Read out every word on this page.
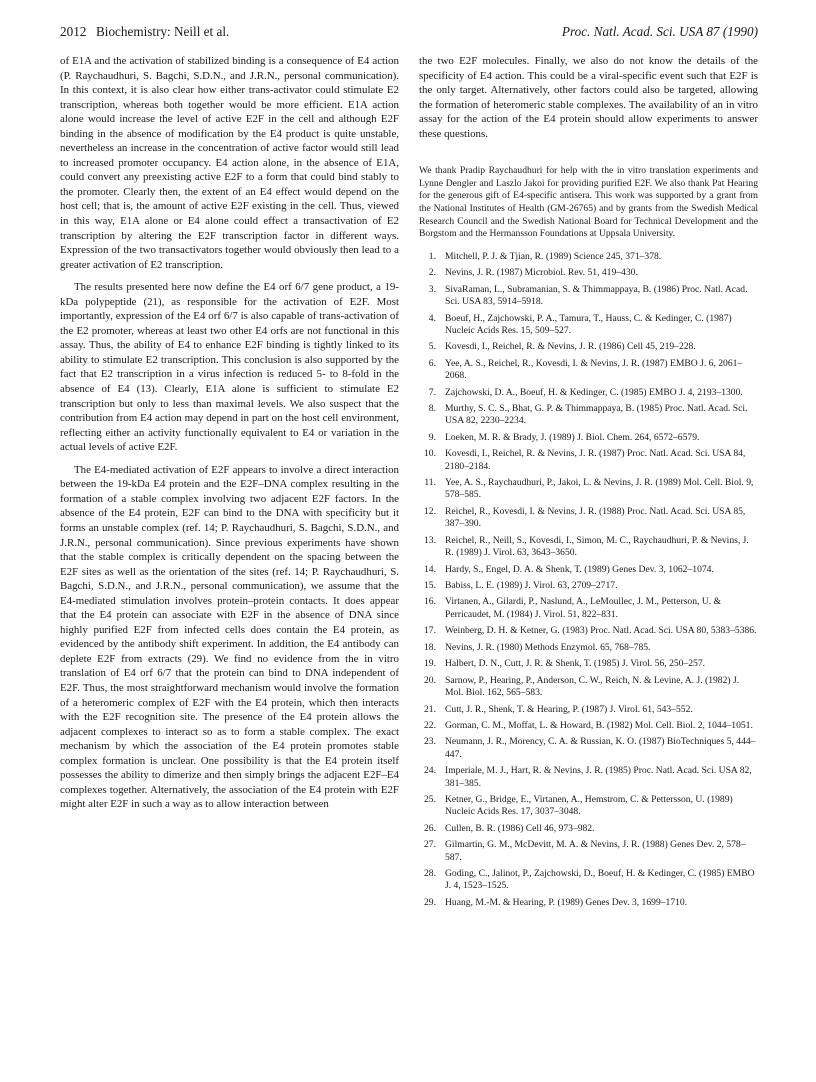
2012 Biochemistry: Neill et al.	Proc. Natl. Acad. Sci. USA 87 (1990)

of E1A and the activation of stabilized binding is a consequence of E4 action (P. Raychaudhuri, S. Bagchi, S.D.N., and J.R.N., personal communication). In this context, it is also clear how either trans-activator could stimulate E2 transcription, whereas both together would be more efficient. E1A action alone would increase the level of active E2F in the cell and although E2F binding in the absence of modification by the E4 product is quite unstable, nevertheless an increase in the concentration of active factor would still lead to increased promoter occupancy. E4 action alone, in the absence of E1A, could convert any preexisting active E2F to a form that could bind stably to the promoter. Clearly then, the extent of an E4 effect would depend on the host cell; that is, the amount of active E2F existing in the cell. Thus, viewed in this way, E1A alone or E4 alone could effect a transactivation of E2 transcription by altering the E2F transcription factor in different ways. Expression of the two transactivators together would obviously then lead to a greater activation of E2 transcription.

The results presented here now define the E4 orf 6/7 gene product, a 19-kDa polypeptide (21), as responsible for the activation of E2F. Most importantly, expression of the E4 orf 6/7 is also capable of trans-activation of the E2 promoter, whereas at least two other E4 orfs are not functional in this assay. Thus, the ability of E4 to enhance E2F binding is tightly linked to its ability to stimulate E2 transcription. This conclusion is also supported by the fact that E2 transcription in a virus infection is reduced 5- to 8-fold in the absence of E4 (13). Clearly, E1A alone is sufficient to stimulate E2 transcription but only to less than maximal levels. We also suspect that the contribution from E4 action may depend in part on the host cell environment, reflecting either an activity functionally equivalent to E4 or variation in the actual levels of active E2F.

The E4-mediated activation of E2F appears to involve a direct interaction between the 19-kDa E4 protein and the E2F–DNA complex resulting in the formation of a stable complex involving two adjacent E2F factors. In the absence of the E4 protein, E2F can bind to the DNA with specificity but it forms an unstable complex (ref. 14; P. Raychaudhuri, S. Bagchi, S.D.N., and J.R.N., personal communication). Since previous experiments have shown that the stable complex is critically dependent on the spacing between the E2F sites as well as the orientation of the sites (ref. 14; P. Raychaudhuri, S. Bagchi, S.D.N., and J.R.N., personal communication), we assume that the E4-mediated stimulation involves protein–protein contacts. It does appear that the E4 protein can associate with E2F in the absence of DNA since highly purified E2F from infected cells does contain the E4 protein, as evidenced by the antibody shift experiment. In addition, the E4 antibody can deplete E2F from extracts (29). We find no evidence from the in vitro translation of E4 orf 6/7 that the protein can bind to DNA independent of E2F. Thus, the most straightforward mechanism would involve the formation of a heteromeric complex of E2F with the E4 protein, which then interacts with the E2F recognition site. The presence of the E4 protein allows the adjacent complexes to interact so as to form a stable complex. The exact mechanism by which the association of the E4 protein promotes stable complex formation is unclear. One possibility is that the E4 protein itself possesses the ability to dimerize and then simply brings the adjacent E2F–E4 complexes together. Alternatively, the association of the E4 protein with E2F might alter E2F in such a way as to allow interaction between

the two E2F molecules. Finally, we also do not know the details of the specificity of E4 action. This could be a viral-specific event such that E2F is the only target. Alternatively, other factors could also be targeted, allowing the formation of heteromeric stable complexes. The availability of an in vitro assay for the action of the E4 protein should allow experiments to answer these questions.

We thank Pradip Raychaudhuri for help with the in vitro translation experiments and Lynne Dengler and Laszlo Jakoi for providing purified E2F. We also thank Pat Hearing for the generous gift of E4-specific antisera. This work was supported by a grant from the National Institutes of Health (GM-26765) and by grants from the Swedish Medical Research Council and the Swedish National Board for Technical Development and the Borgstom and the Hermansson Foundations at Uppsala University.

1. Mitchell, P. J. & Tjian, R. (1989) Science 245, 371–378.
2. Nevins, J. R. (1987) Microbiol. Rev. 51, 419–430.
3. SivaRaman, L., Subramanian, S. & Thimmappaya, B. (1986) Proc. Natl. Acad. Sci. USA 83, 5914–5918.
4. Boeuf, H., Zajchowski, P. A., Tamura, T., Hauss, C. & Kedinger, C. (1987) Nucleic Acids Res. 15, 509–527.
5. Kovesdi, I., Reichel, R. & Nevins, J. R. (1986) Cell 45, 219–228.
6. Yee, A. S., Reichel, R., Kovesdi, I. & Nevins, J. R. (1987) EMBO J. 6, 2061–2068.
7. Zajchowski, D. A., Boeuf, H. & Kedinger, C. (1985) EMBO J. 4, 2193–1300.
8. Murthy, S. C. S., Bhat, G. P. & Thimmappaya, B. (1985) Proc. Natl. Acad. Sci. USA 82, 2230–2234.
9. Loeken, M. R. & Brady, J. (1989) J. Biol. Chem. 264, 6572–6579.
10. Kovesdi, I., Reichel, R. & Nevins, J. R. (1987) Proc. Natl. Acad. Sci. USA 84, 2180–2184.
11. Yee, A. S., Raychaudhuri, P., Jakoi, L. & Nevins, J. R. (1989) Mol. Cell. Biol. 9, 578–585.
12. Reichel, R., Kovesdi, I. & Nevins, J. R. (1988) Proc. Natl. Acad. Sci. USA 85, 387–390.
13. Reichel, R., Neill, S., Kovesdi, I., Simon, M. C., Raychaudhuri, P. & Nevins, J. R. (1989) J. Virol. 63, 3643–3650.
14. Hardy, S., Engel, D. A. & Shenk, T. (1989) Genes Dev. 3, 1062–1074.
15. Babiss, L. E. (1989) J. Virol. 63, 2709–2717.
16. Virtanen, A., Gilardi, P., Naslund, A., LeMoullec, J. M., Petterson, U. & Perricaudet, M. (1984) J. Virol. 51, 822–831.
17. Weinberg, D. H. & Ketner, G. (1983) Proc. Natl. Acad. Sci. USA 80, 5383–5386.
18. Nevins, J. R. (1980) Methods Enzymol. 65, 768–785.
19. Halbert, D. N., Cutt, J. R. & Shenk, T. (1985) J. Virol. 56, 250–257.
20. Sarnow, P., Hearing, P., Anderson, C. W., Reich, N. & Levine, A. J. (1982) J. Mol. Biol. 162, 565–583.
21. Cutt, J. R., Shenk, T. & Hearing, P. (1987) J. Virol. 61, 543–552.
22. Gorman, C. M., Moffat, L. & Howard, B. (1982) Mol. Cell. Biol. 2, 1044–1051.
23. Neumann, J. R., Morency, C. A. & Russian, K. O. (1987) BioTechniques 5, 444–447.
24. Imperiale, M. J., Hart, R. & Nevins, J. R. (1985) Proc. Natl. Acad. Sci. USA 82, 381–385.
25. Ketner, G., Bridge, E., Virtanen, A., Hemstrom, C. & Pettersson, U. (1989) Nucleic Acids Res. 17, 3037–3048.
26. Cullen, B. R. (1986) Cell 46, 973–982.
27. Gilmartin, G. M., McDevitt, M. A. & Nevins, J. R. (1988) Genes Dev. 2, 578–587.
28. Goding, C., Jalinot, P., Zajchowski, D., Boeuf, H. & Kedinger, C. (1985) EMBO J. 4, 1523–1525.
29. Huang, M.-M. & Hearing, P. (1989) Genes Dev. 3, 1699–1710.
